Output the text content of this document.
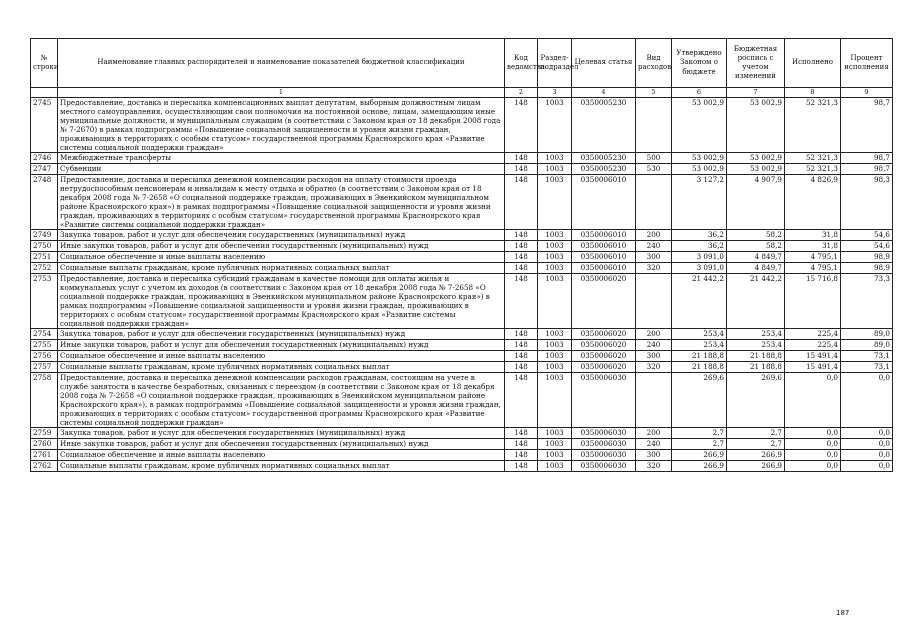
№ строки	Наименование главных распорядителей и наименование показателей бюджетной классификации	Код ведомства	Раздел-подраздел	Целевая статья	Вид расходов	Утверждено Законом о бюджете	Бюджетная роспись с учетом изменений	Исполнено	Процент исполнения
	1	2	3	4	5	6	7	8	9
2745	Предоставление, доставка и пересылка компенсационных выплат депутатам, выборным должностным лицам местного самоуправления, осуществляющим свои полномочия на постоянной основе, лицам, замещающим иные муниципальные должности, и муниципальным служащим (в соответствии с Законом края от 18 декабря 2008 года № 7-2670) в рамках подпрограммы «Повышение социальной защищенности и уровня жизни граждан, проживающих в территориях с особым статусом» государственной программы Красноярского края «Развитие системы социальной поддержки граждан»	148	1003	0350005230		53 002,9	53 002,9	52 321,3	98,7
2746	Межбюджетные трансферты	148	1003	0350005230	500	53 002,9	53 002,9	52 321,3	98,7
2747	Субвенции	148	1003	0350005230	530	53 002,9	53 002,9	52 321,3	98,7
2748	Предоставление, доставка и пересылка денежной компенсации расходов на оплату стоимости проезда нетрудоспособным пенсионерам и инвалидам к месту отдыха и обратно (в соответствии с Законом края от 18 декабря 2008 года № 7-2658 «О социальной поддержке граждан, проживающих в Эвенкийском муниципальном районе Красноярского края») в рамках подпрограммы «Повышение социальной защищенности и уровня жизни граждан, проживающих в территориях с особым статусом» государственной программы Красноярского края «Развитие системы социальной поддержки граждан»	148	1003	0350006010		3 127,2	4 907,9	4 826,9	98,3
2749	Закупка товаров, работ и услуг для обеспечения государственных (муниципальных) нужд	148	1003	0350006010	200	36,2	58,2	31,8	54,6
2750	Иные закупки товаров, работ и услуг для обеспечения государственных (муниципальных) нужд	148	1003	0350006010	240	36,2	58,2	31,8	54,6
2751	Социальное обеспечение и иные выплаты населению	148	1003	0350006010	300	3 091,0	4 849,7	4 795,1	98,9
2752	Социальные выплаты гражданам, кроме публичных нормативных социальных выплат	148	1003	0350006010	320	3 091,0	4 849,7	4 795,1	98,9
2753	Предоставление, доставка и пересылка субсидий гражданам в качестве помощи для оплаты жилья и коммунальных услуг с учетом их доходов (в соответствии с Законом края от 18 декабря 2008 года № 7-2658 «О социальной поддержке граждан, проживающих в Эвенкийском муниципальном районе Красноярского края») в рамках подпрограммы «Повышение социальной защищенности и уровня жизни граждан, проживающих в территориях с особым статусом» государственной программы Красноярского края «Развитие системы социальной поддержки граждан»	148	1003	0350006020		21 442,2	21 442,2	15 716,8	73,3
2754	Закупка товаров, работ и услуг для обеспечения государственных (муниципальных) нужд	148	1003	0350006020	200	253,4	253,4	225,4	89,0
2755	Иные закупки товаров, работ и услуг для обеспечения государственных (муниципальных) нужд	148	1003	0350006020	240	253,4	253,4	225,4	89,0
2756	Социальное обеспечение и иные выплаты населению	148	1003	0350006020	300	21 188,8	21 188,8	15 491,4	73,1
2757	Социальные выплаты гражданам, кроме публичных нормативных социальных выплат	148	1003	0350006020	320	21 188,8	21 188,8	15 491,4	73,1
2758	Предоставление, доставка и пересылка денежной компенсации расходов гражданам, состоящим на учете в службе занятости в качестве безработных, связанных с переездом (в соответствии с Законом края от 18 декабря 2008 года № 7-2658 «О социальной поддержке граждан, проживающих в Эвенкийском муниципальном районе Красноярского края»), в рамках подпрограммы «Повышение социальной защищенности и уровня жизни граждан, проживающих в территориях с особым статусом» государственной программы Красноярского края «Развитие системы социальной поддержки граждан»	148	1003	0350006030		269,6	269,6	0,0	0,0
2759	Закупка товаров, работ и услуг для обеспечения государственных (муниципальных) нужд	148	1003	0350006030	200	2,7	2,7	0,0	0,0
2760	Иные закупки товаров, работ и услуг для обеспечения государственных (муниципальных) нужд	148	1003	0350006030	240	2,7	2,7	0,0	0,0
2761	Социальное обеспечение и иные выплаты населению	148	1003	0350006030	300	266,9	266,9	0,0	0,0
2762	Социальные выплаты гражданам, кроме публичных нормативных социальных выплат	148	1003	0350006030	320	266,9	266,9	0,0	0,0
187
